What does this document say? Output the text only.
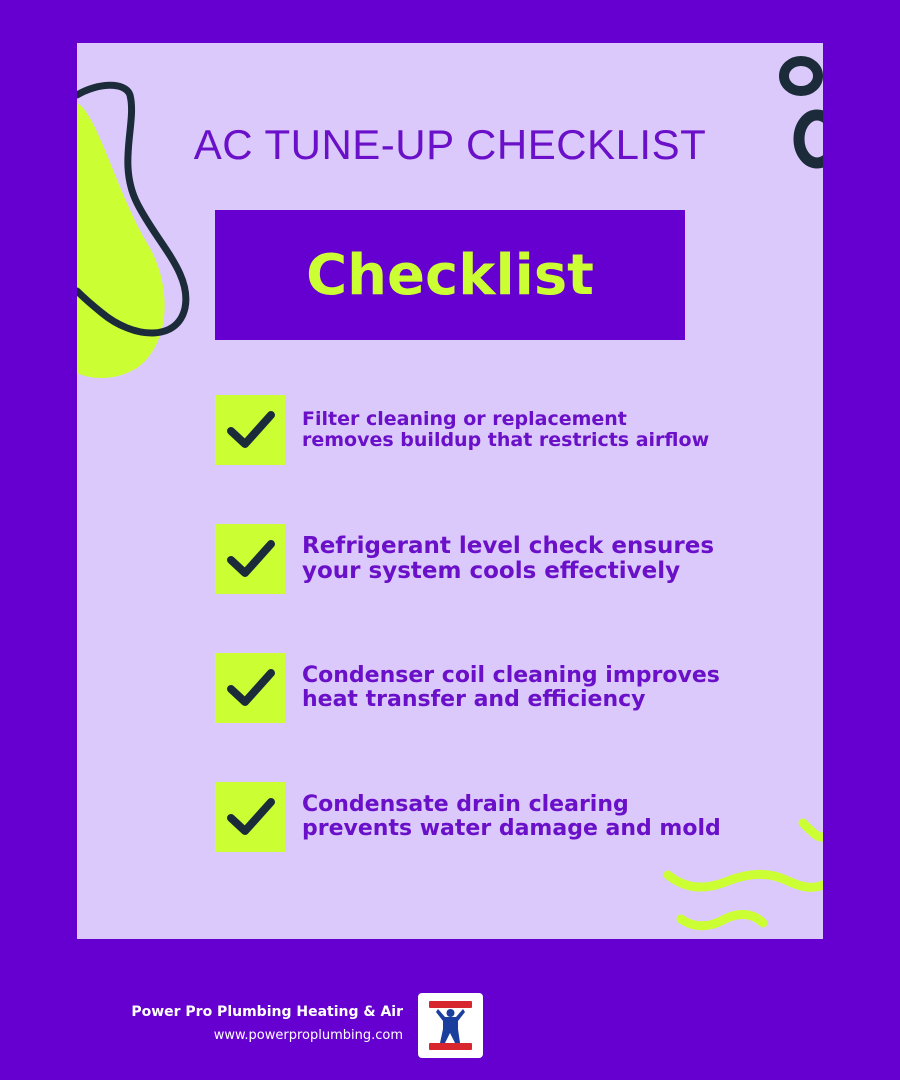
AC TUNE-UP CHECKLIST
Checklist
Filter cleaning or replacement
removes buildup that restricts airflow
Refrigerant level check ensures
your system cools effectively
Condenser coil cleaning improves
heat transfer and efficiency
Condensate drain clearing
prevents water damage and mold
Power Pro Plumbing Heating & Air
www.powerproplumbing.com
